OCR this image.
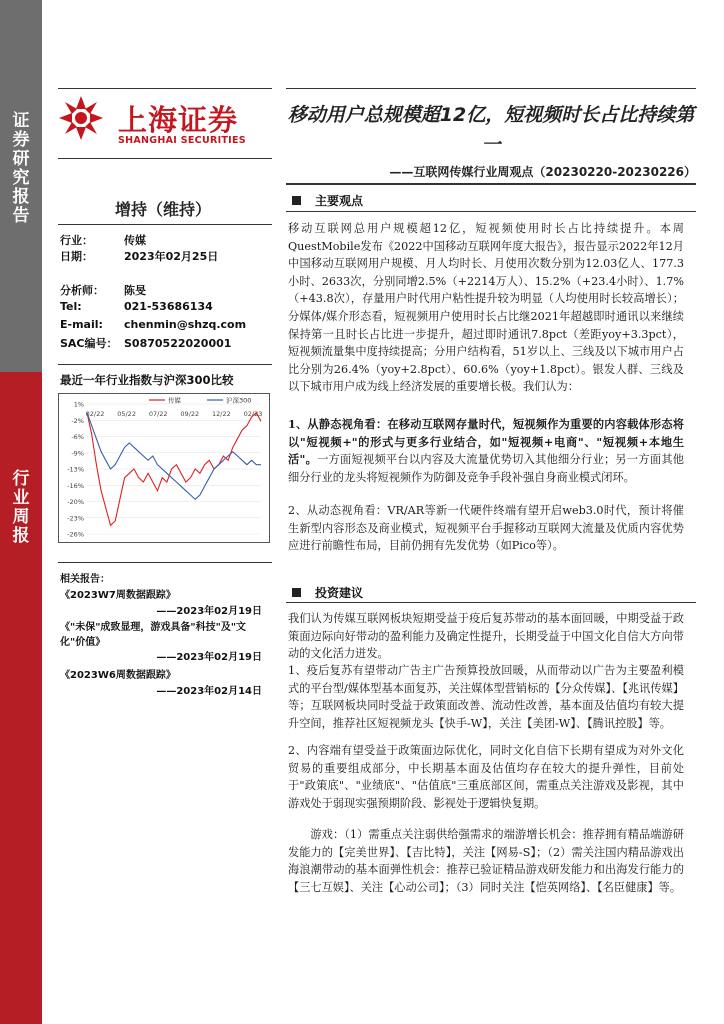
证券研究报告
行业周报
上海证券
SHANGHAI SECURITIES
移动用户总规模超12亿，短视频时长占比持续第一
——互联网传媒行业周观点（20230220-20230226）
增持（维持）
行业：	传媒
日期：	2023年02月25日
分析师： 陈旻
Tel:	021-53686134
E-mail: chenmin@shzq.com
SAC编号： S0870522020001
最近一年行业指数与沪深300比较
1%
-2%
-6%
-9%
-13%
-16%
-20%
-23%
-26%
02/22 05/22 07/22 09/22 12/22 02/23
传媒	沪深300
相关报告：
《2023W7周数据跟踪》
——2023年02月19日
《"未保"成致显理，游戏具备"科技"及"文化"价值》
——2023年02月19日
《2023W6周数据跟踪》
——2023年02月14日
主要观点
移动互联网总用户规模超12亿，短视频使用时长占比持续提升。本周QuestMobile发布《2022中国移动互联网年度大报告》，报告显示2022年12月中国移动互联网用户规模、月人均时长、月使用次数分别为12.03亿人、177.3小时、2633次，分别同增2.5%（+2214万人）、15.2%（+23.4小时）、1.7%（+43.8次），存量用户时代用户粘性提升较为明显（人均使用时长较高增长）；分媒体/媒介形态看，短视频用户使用时长占比继2021年超越即时通讯以来继续保持第一且时长占比进一步提升，超过即时通讯7.8pct（差距yoy+3.3pct），短视频流量集中度持续提高；分用户结构看，51岁以上、三线及以下城市用户占比分别为26.4%（yoy+2.8pct）、60.6%（yoy+1.8pct）。银发人群、三线及以下城市用户成为线上经济发展的重要增长极。我们认为：
1、从静态视角看：在移动互联网存量时代，短视频作为重要的内容载体形态将以"短视频+"的形式与更多行业结合，如"短视频+电商"、"短视频+本地生活"。一方面短视频平台以内容及大流量优势切入其他细分行业；另一方面其他细分行业的龙头将短视频作为防御及竞争手段补强自身商业模式闭环。
2、从动态视角看：VR/AR等新一代硬件终端有望开启web3.0时代，预计将催生新型内容形态及商业模式，短视频平台手握移动互联网大流量及优质内容优势应进行前瞻性布局，目前仍拥有先发优势（如Pico等）。
投资建议
我们认为传媒互联网板块短期受益于疫后复苏带动的基本面回暖，中期受益于政策面边际向好带动的盈利能力及确定性提升，长期受益于中国文化自信大方向带动的文化活力迸发。
1、疫后复苏有望带动广告主广告预算投放回暖，从而带动以广告为主要盈利模式的平台型/媒体型基本面复苏，关注媒体型营销标的【分众传媒】、【兆讯传媒】等；互联网板块同时受益于政策面改善、流动性改善，基本面及估值均有较大提升空间，推荐社区短视频龙头【快手-W】，关注【美团-W】、【腾讯控股】等。
2、内容端有望受益于政策面边际优化，同时文化自信下长期有望成为对外文化贸易的重要组成部分，中长期基本面及估值均存在较大的提升弹性，目前处于"政策底"、"业绩底"、"估值底"三重底部区间，需重点关注游戏及影视，其中游戏处于弱现实强预期阶段、影视处于逻辑快复期。
游戏：（1）需重点关注弱供给强需求的端游增长机会：推荐拥有精品端游研发能力的【完美世界】、【吉比特】，关注【网易-S】；（2）需关注国内精品游戏出海浪潮带动的基本面弹性机会：推荐已验证精品游戏研发能力和出海发行能力的【三七互娱】、关注【心动公司】；（3）同时关注【恺英网络】、【名臣健康】等。
